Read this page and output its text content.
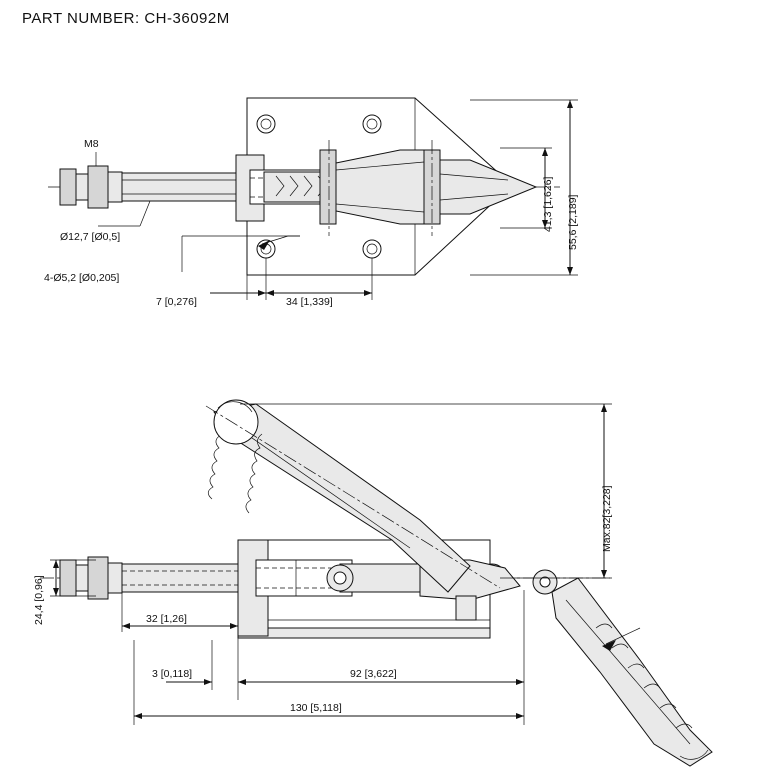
PART NUMBER: CH-36092M
M8
Ø12,7 [Ø0,5]
4-Ø5,2 [Ø0,205]
7 [0,276]	34 [1,339]
41,3 [1,626] 55,6 [2,189]
24,4 [0,96]	32 [1,26]
3 [0,118]	92 [3,622]
130 [5,118]
Max.82[3,228]
